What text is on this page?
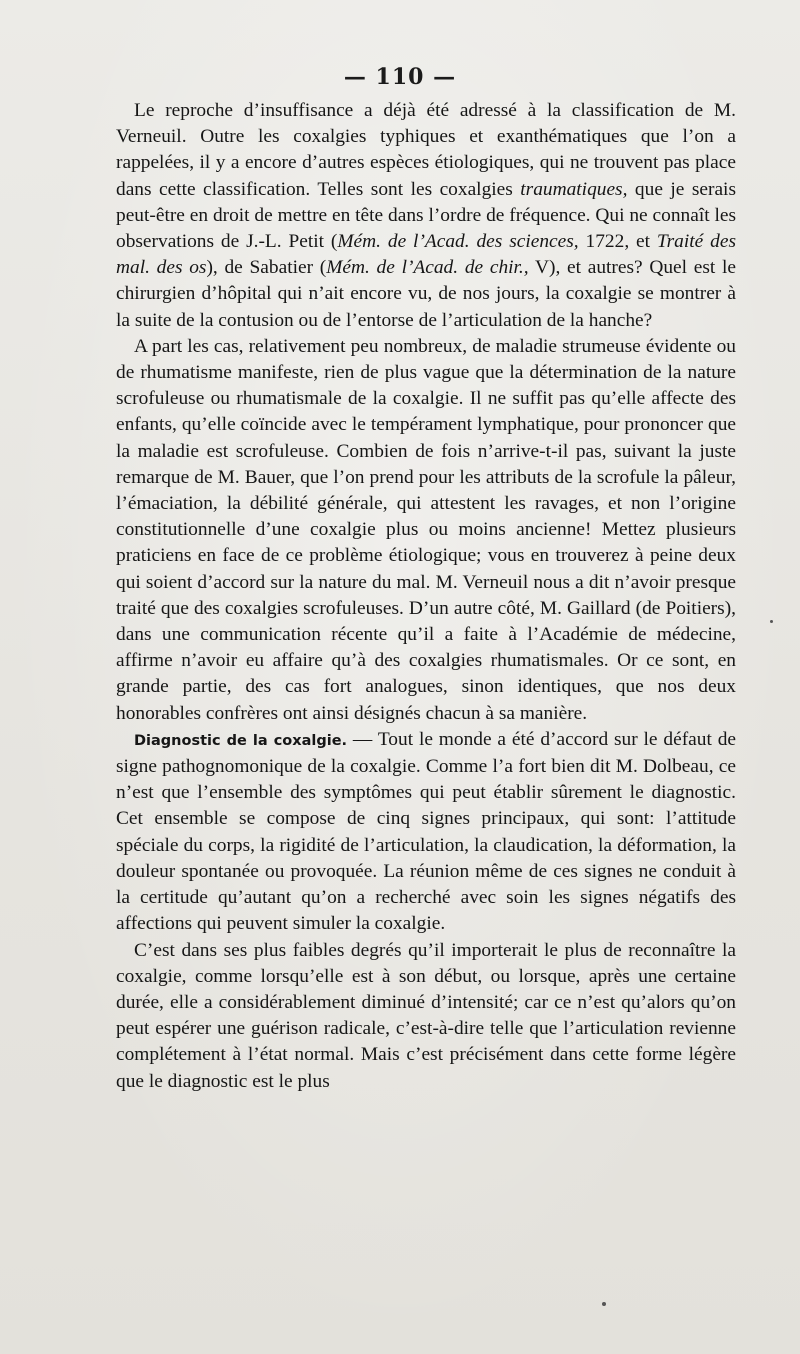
— 110 —

Le reproche d’insuffisance a déjà été adressé à la classification de M. Verneuil. Outre les coxalgies typhiques et exanthématiques que l’on a rappelées, il y a encore d’autres espèces étiologiques, qui ne trouvent pas place dans cette classification. Telles sont les coxalgies traumatiques, que je serais peut-être en droit de mettre en tête dans l’ordre de fréquence. Qui ne connaît les observations de J.-L. Petit (Mém. de l’Acad. des sciences, 1722, et Traité des mal. des os), de Sabatier (Mém. de l’Acad. de chir., V), et autres? Quel est le chirurgien d’hôpital qui n’ait encore vu, de nos jours, la coxalgie se montrer à la suite de la contusion ou de l’entorse de l’articulation de la hanche?

A part les cas, relativement peu nombreux, de maladie strumeuse évidente ou de rhumatisme manifeste, rien de plus vague que la détermination de la nature scrofuleuse ou rhumatismale de la coxalgie. Il ne suffit pas qu’elle affecte des enfants, qu’elle coïncide avec le tempérament lymphatique, pour prononcer que la maladie est scrofuleuse. Combien de fois n’arrive-t-il pas, suivant la juste remarque de M. Bauer, que l’on prend pour les attributs de la scrofule la pâleur, l’émaciation, la débilité générale, qui attestent les ravages, et non l’origine constitutionnelle d’une coxalgie plus ou moins ancienne! Mettez plusieurs praticiens en face de ce problème étiologique; vous en trouverez à peine deux qui soient d’accord sur la nature du mal. M. Verneuil nous a dit n’avoir presque traité que des coxalgies scrofuleuses. D’un autre côté, M. Gaillard (de Poitiers), dans une communication récente qu’il a faite à l’Académie de médecine, affirme n’avoir eu affaire qu’à des coxalgies rhumatismales. Or ce sont, en grande partie, des cas fort analogues, sinon identiques, que nos deux honorables confrères ont ainsi désignés chacun à sa manière.

Diagnostic de la coxalgie. — Tout le monde a été d’accord sur le défaut de signe pathognomonique de la coxalgie. Comme l’a fort bien dit M. Dolbeau, ce n’est que l’ensemble des symptômes qui peut établir sûrement le diagnostic. Cet ensemble se compose de cinq signes principaux, qui sont: l’attitude spéciale du corps, la rigidité de l’articulation, la claudication, la déformation, la douleur spontanée ou provoquée. La réunion même de ces signes ne conduit à la certitude qu’autant qu’on a recherché avec soin les signes négatifs des affections qui peuvent simuler la coxalgie.

C’est dans ses plus faibles degrés qu’il importerait le plus de reconnaître la coxalgie, comme lorsqu’elle est à son début, ou lorsque, après une certaine durée, elle a considérablement diminué d’intensité; car ce n’est qu’alors qu’on peut espérer une guérison radicale, c’est-à-dire telle que l’articulation revienne complétement à l’état normal. Mais c’est précisément dans cette forme légère que le diagnostic est le plus
